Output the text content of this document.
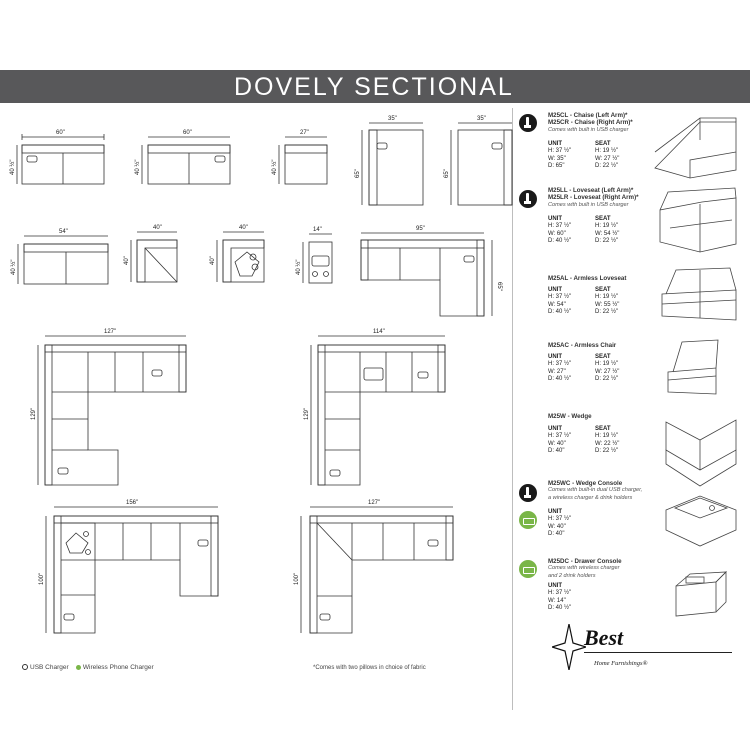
DOVELY SECTIONAL
60"
40 ½"
60"
40 ½"
27"
40 ½"
35"
65"
35"
65"
54"
40 ½"
40"
40"
40"
40"
14"
40 ½"
95"
65"
127"
129"
114"
129"
156"
100"
127"
100"
M25CL - Chaise (Left Arm)*
M25CR - Chaise (Right Arm)*
Comes with built in USB charger
UNIT
H: 37 ½"
W: 35"
D: 65"
SEAT
H: 19 ½"
W: 27 ½"
D: 22 ½"
M25LL - Loveseat (Left Arm)*
M25LR - Loveseat (Right Arm)*
Comes with built in USB charger
UNIT
H: 37 ½"
W: 60"
D: 40 ½"
SEAT
H: 19 ½"
W: 54 ½"
D: 22 ½"
M25AL - Armless Loveseat
UNIT
H: 37 ½"
W: 54"
D: 40 ½"
SEAT
H: 19 ½"
W: 55 ½"
D: 22 ½"
M25AC - Armless Chair
UNIT
H: 37 ½"
W: 27"
D: 40 ½"
SEAT
H: 19 ½"
W: 27 ½"
D: 22 ½"
M25W - Wedge
UNIT
H: 37 ½"
W: 40"
D: 40"
SEAT
H: 19 ½"
W: 22 ½"
D: 22 ½"
M25WC - Wedge Console
Comes with built-in dual USB charger,
a wireless charger & drink holders
UNIT
H: 37 ½"
W: 40"
D: 40"
M25DC - Drawer Console
Comes with wireless charger
and 2 drink holders
UNIT
H: 37 ½"
W: 14"
D: 40 ½"
Best
Home Furnishings®
USB Charger Wireless Phone Charger	*Comes with two pillows in choice of fabric
